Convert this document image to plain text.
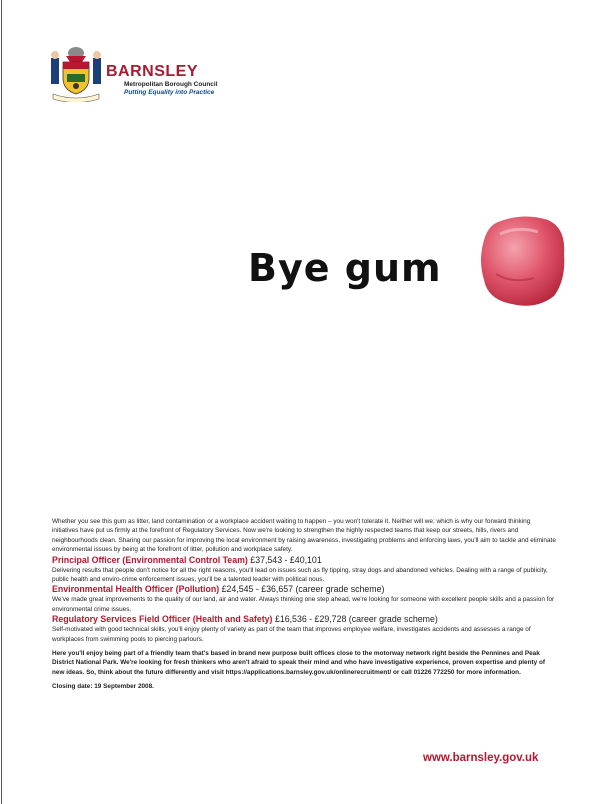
BARNSLEY
Metropolitan Borough Council
Putting Equality into Practice
Bye gum

Whether you see this gum as litter, land contamination or a workplace accident waiting to happen – you won't tolerate it. Neither will we; which is why our forward thinking initiatives have put us firmly at the forefront of Regulatory Services. Now we're looking to strengthen the highly respected teams that keep our streets, hills, rivers and neighbourhoods clean. Sharing our passion for improving the local environment by raising awareness, investigating problems and enforcing laws, you'll aim to tackle and eliminate environmental issues by being at the forefront of litter, pollution and workplace safety.

Principal Officer (Environmental Control Team) £37,543 - £40,101

Delivering results that people don't notice for all the right reasons, you'll lead on issues such as fly tipping, stray dogs and abandoned vehicles. Dealing with a range of publicity, public health and enviro-crime enforcement issues, you'll be a talented leader with political nous.

Environmental Health Officer (Pollution) £24,545 - £36,657 (career grade scheme)

We've made great improvements to the quality of our land, air and water. Always thinking one step ahead, we're looking for someone with excellent people skills and a passion for environmental crime issues.

Regulatory Services Field Officer (Health and Safety) £16,536 - £29,728 (career grade scheme)

Self-motivated with good technical skills, you'll enjoy plenty of variety as part of the team that improves employee welfare, investigates accidents and assesses a range of workplaces from swimming pools to piercing parlours.

Here you'll enjoy being part of a friendly team that's based in brand new purpose built offices close to the motorway network right beside the Pennines and Peak District National Park. We're looking for fresh thinkers who aren't afraid to speak their mind and who have investigative experience, proven expertise and plenty of new ideas. So, think about the future differently and visit https://applications.barnsley.gov.uk/onlinerecruitment/ or call 01226 772250 for more information.

Closing date: 19 September 2008.

www.barnsley.gov.uk
